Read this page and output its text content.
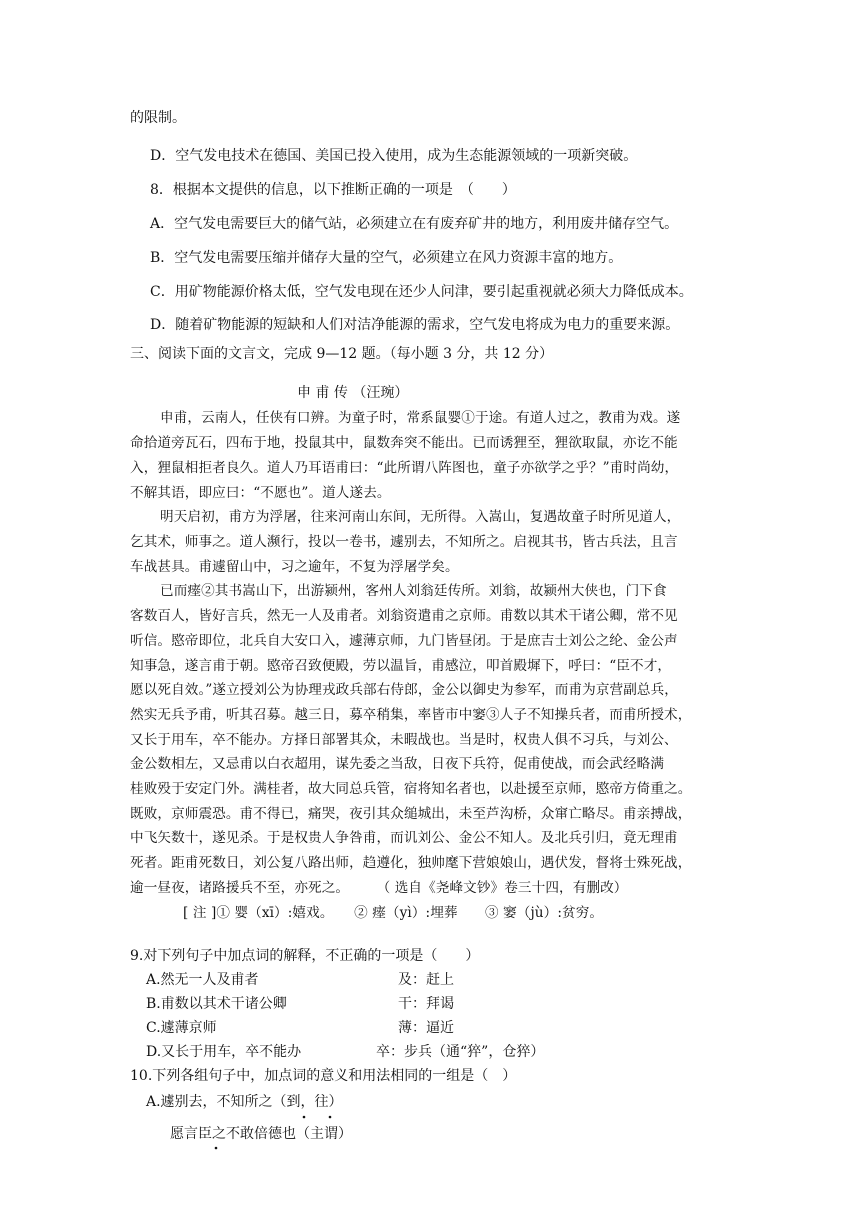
的限制。
D．空气发电技术在德国、美国已投入使用，成为生态能源领域的一项新突破。
8．根据本文提供的信息，以下推断正确的一项是　（　　）
A．空气发电需要巨大的储气站，必须建立在有废弃矿井的地方，利用废井储存空气。
B．空气发电需要压缩并储存大量的空气，必须建立在风力资源丰富的地方。
C．用矿物能源价格太低，空气发电现在还少人问津，要引起重视就必须大力降低成本。
D．随着矿物能源的短缺和人们对洁净能源的需求，空气发电将成为电力的重要来源。
三、阅读下面的文言文，完成 9—12 题。（每小题 3 分，共 12 分）
申 甫 传 （汪琬）
申甫，云南人，任侠有口辨。为童子时，常系鼠婴①于途。有道人过之，教甫为戏。遂
命拾道旁瓦石，四布于地，投鼠其中，鼠数奔突不能出。已而诱狸至，狸欲取鼠，亦讫不能
入，狸鼠相拒者良久。道人乃耳语甫曰：“此所谓八阵图也，童子亦欲学之乎？”甫时尚幼，
不解其语，即应曰：“不愿也”。道人遂去。
明天启初，甫方为浮屠，往来河南山东间，无所得。入嵩山，复遇故童子时所见道人，
乞其术，师事之。道人濒行，投以一卷书，遽别去，不知所之。启视其书，皆古兵法，且言
车战甚具。甫遽留山中，习之逾年，不复为浮屠学矣。
已而瘗②其书嵩山下，出游颍州，客州人刘翁廷传所。刘翁，故颍州大侠也，门下食
客数百人，皆好言兵，然无一人及甫者。刘翁资遣甫之京师。甫数以其术干诸公卿，常不见
听信。愍帝即位，北兵自大安口入，遽薄京师，九门皆昼闭。于是庶吉士刘公之纶、金公声
知事急，遂言甫于朝。愍帝召致便殿，劳以温旨，甫感泣，叩首殿墀下，呼曰：“臣不才，
愿以死自效。”遂立授刘公为协理戎政兵部右侍郎，金公以御史为参军，而甫为京营副总兵，
然实无兵予甫，听其召募。越三日，募卒稍集，率皆市中窭③人子不知操兵者，而甫所授术，
又长于用车，卒不能办。方择日部署其众，未暇战也。当是时，权贵人俱不习兵，与刘公、
金公数相左，又忌甫以白衣超用，谋先委之当敌，日夜下兵符，促甫使战，而会武经略满
桂败殁于安定门外。满桂者，故大同总兵管，宿将知名者也，以赴援至京师，愍帝方倚重之。
既败，京师震恐。甫不得已，痛哭，夜引其众缒城出，未至芦沟桥，众窜亡略尽。甫亲搏战，
中飞矢数十，遂见杀。于是权贵人争咎甫，而讥刘公、金公不知人。及北兵引归，竟无理甫
死者。距甫死数日，刘公复八路出师，趋遵化，独帅麾下营娘娘山，遇伏发，督将士殊死战，
逾一昼夜，诸路援兵不至，亦死之。　　　（ 选自《尧峰文钞》卷三十四，有删改）
[ 注 ]① 婴（xī）:嬉戏。　　② 瘗（yì）:埋葬　　③ 窭（jù）:贫穷。
9.对下列句子中加点词的解释，不正确的一项是（　　）
A.然无一人及甫者	及：赶上
B.甫数以其术干诸公卿	干：拜谒
C.遽薄京师	薄：逼近
D.又长于用车，卒不能办	卒：步兵（通“猝”，仓猝）
10.下列各组句子中，加点词的意义和用法相同的一组是（　）
A.遽别去，不知所之（到，往）
愿言臣之不敢倍德也（主谓）
